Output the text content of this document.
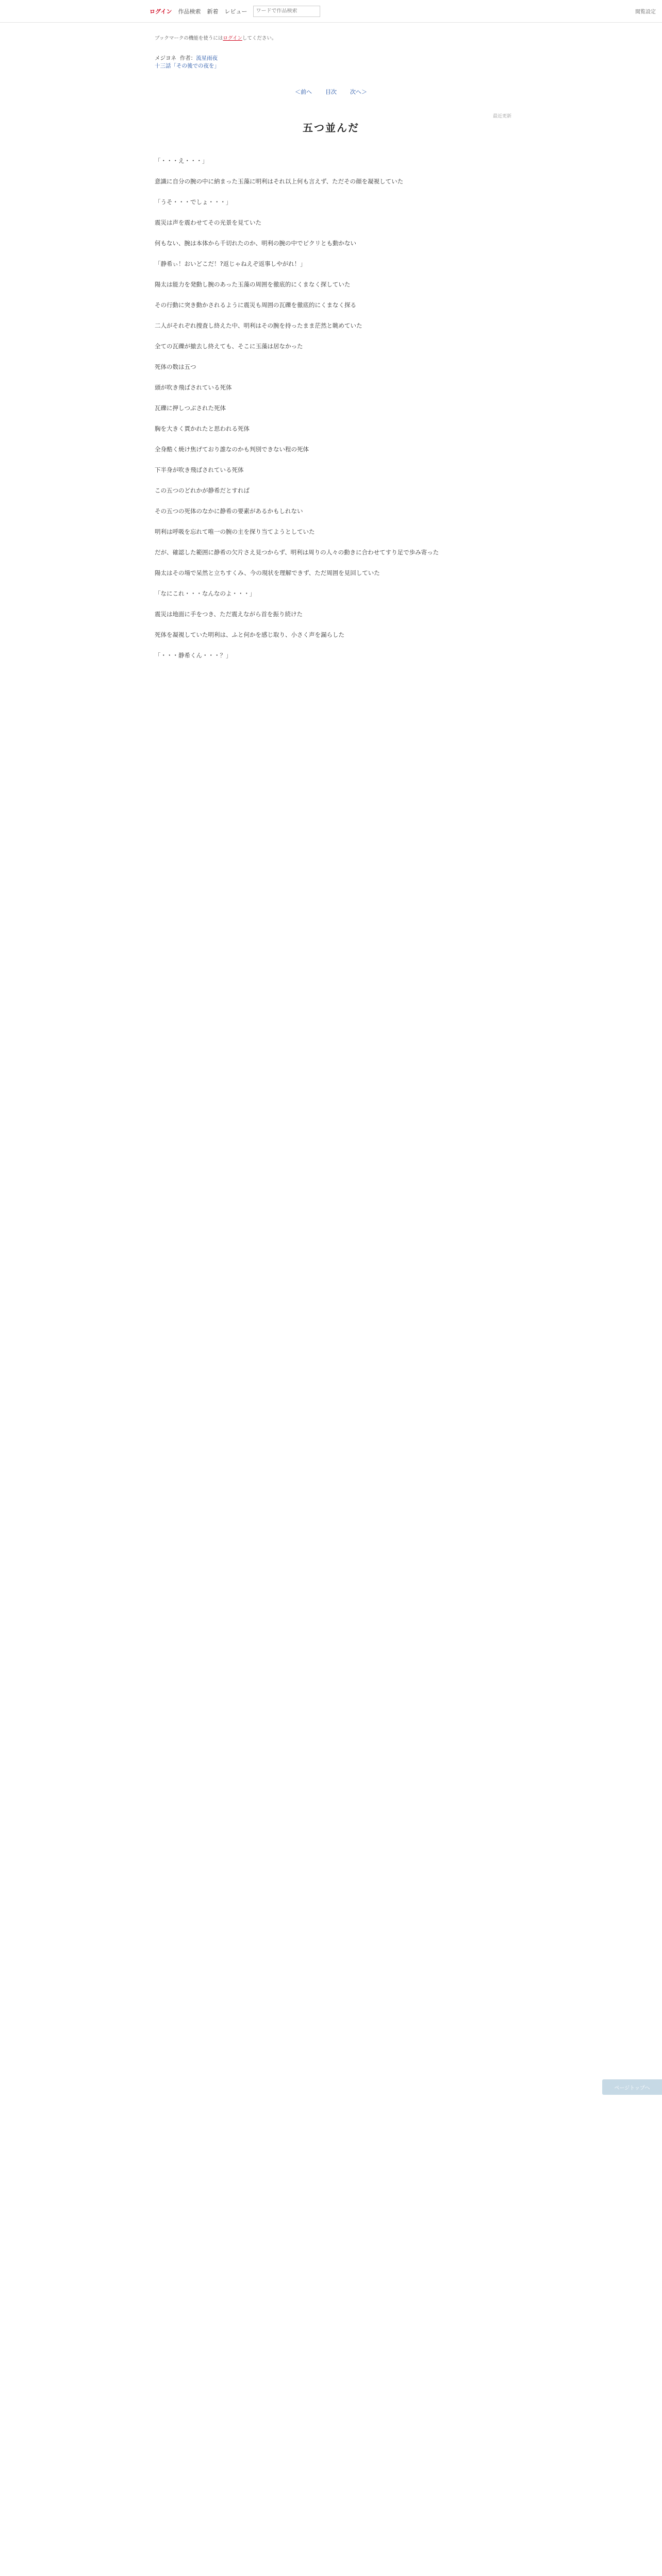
ログイン 作品検索 新着 レビュー
ワードで作品検索	閲覧設定

ブックマークの機能を使うにはログインしてください。

メジヨネ 作者：流星雨夜

十三話「その後での夜を」

＜前へ 目次 次へ＞
最近更新
五つ並んだ

「・・・え・・・」

意識に自分の腕の中に納まった玉藻に明利はそれ以上何も言えず、ただその顔を凝視していた

「うそ・・・でしょ・・・」

震災は声を震わせてその光景を見ていた

何もない、腕は本体から千切れたのか、明利の腕の中でピクリとも動かない

「静希ぃ！おいどこだ！?返じゃねえぞ返事しやがれ！」

陽太は能力を発動し腕のあった玉藻の周囲を徹底的にくまなく探していた

その行動に突き動かされるように震災も周囲の瓦礫を徹底的にくまなく探る

二人がそれぞれ捜査し終えた中、明利はその腕を持ったまま茫然と眺めていた

全ての瓦礫が撤去し終えても、そこに玉藻は居なかった

死体の数は五つ

頭が吹き飛ばされている死体

瓦礫に押しつぶされた死体

胸を大きく貫かれたと思われる死体

全身酷く焼け焦げており誰なのかも判別できない程の死体

下半身が吹き飛ばされている死体

この五つのどれかが静希だとすれば

その五つの死体のなかに静希の要素があるかもしれない

明利は呼吸を忘れて唯一の腕の主を探り当てようとしていた

だが、確認した範囲に静希の欠片さえ見つからず、明利は周りの人々の動きに合わせてすり足で歩み寄った

陽太はその場で呆然と立ちすくみ、今の現状を理解できず、ただ周囲を見回していた

「なにこれ・・・なんなのよ・・・」

震災は地面に手をつき、ただ震えながら首を振り続けた

死体を凝視していた明利は、ふと何かを感じ取り、小さく声を漏らした

「・・・静希くん・・・？」

ページトップへ
